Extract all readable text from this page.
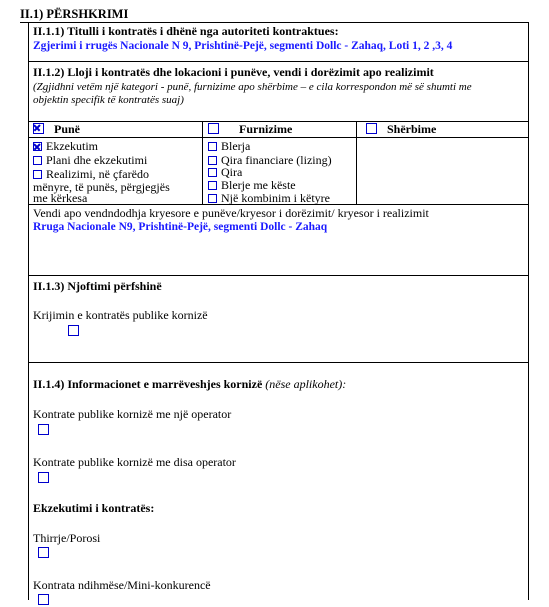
II.1) PËRSHKRIMI
II.1.1) Titulli i kontratës i dhënë nga autoriteti kontraktues:
Zgjerimi i rrugës Nacionale N 9, Prishtinë-Pejë, segmenti Dollc - Zahaq, Loti 1, 2 ,3, 4
II.1.2) Lloji i kontratës dhe lokacioni i punëve, vendi i dorëzimit apo realizimit
(Zgjidhni vetëm një kategori - punë, furnizime apo shërbime – e cila korrespondon më së shumti me
objektin specifik të kontratës suaj)
Punë	Furnizime	Shërbime
Ekzekutim
Plani dhe ekzekutimi
Realizimi, në çfarëdo
mënyre, të punës, përgjegjës
me kërkesa
Blerja
Qira financiare (lizing)
Qira
Blerje me këste
Një kombinim i këtyre
Vendi apo vendndodhja kryesore e punëve/kryesor i dorëzimit/ kryesor i realizimit
Rruga Nacionale N9, Prishtinë-Pejë, segmenti Dollc - Zahaq
II.1.3) Njoftimi përfshinë
Krijimin e kontratës publike kornizë
II.1.4) Informacionet e marrëveshjes kornizë (nëse aplikohet):
Kontrate publike kornizë me një operator
Kontrate publike kornizë me disa operator
Ekzekutimi i kontratës:
Thirrje/Porosi
Kontrata ndihmëse/Mini-konkurencë
